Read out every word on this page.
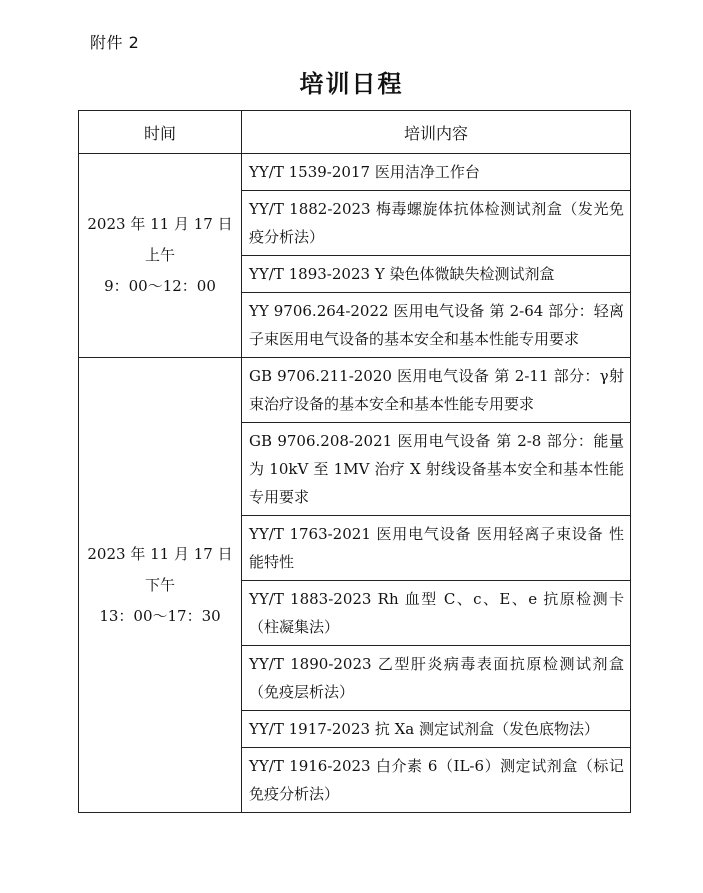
附件 2
培训日程
时间	培训内容

2023 年 11 月 17 日
上午
9：00～12：00	YY/T 1539-2017 医用洁净工作台
	YY/T 1882-2023 梅毒螺旋体抗体检测试剂盒（发光免疫分析法）
	YY/T 1893-2023 Y 染色体微缺失检测试剂盒
	YY 9706.264-2022 医用电气设备 第 2-64 部分：轻离子束医用电气设备的基本安全和基本性能专用要求

2023 年 11 月 17 日
下午
13：00～17：30	GB 9706.211-2020 医用电气设备 第 2-11 部分：γ射束治疗设备的基本安全和基本性能专用要求
	GB 9706.208-2021 医用电气设备 第 2-8 部分：能量为 10kV 至 1MV 治疗 X 射线设备基本安全和基本性能专用要求
	YY/T 1763-2021 医用电气设备 医用轻离子束设备 性能特性
	YY/T 1883-2023 Rh 血型 C、c、E、e 抗原检测卡（柱凝集法）
	YY/T 1890-2023 乙型肝炎病毒表面抗原检测试剂盒（免疫层析法）
	YY/T 1917-2023 抗 Xa 测定试剂盒（发色底物法）
	YY/T 1916-2023 白介素 6（IL-6）测定试剂盒（标记免疫分析法）
